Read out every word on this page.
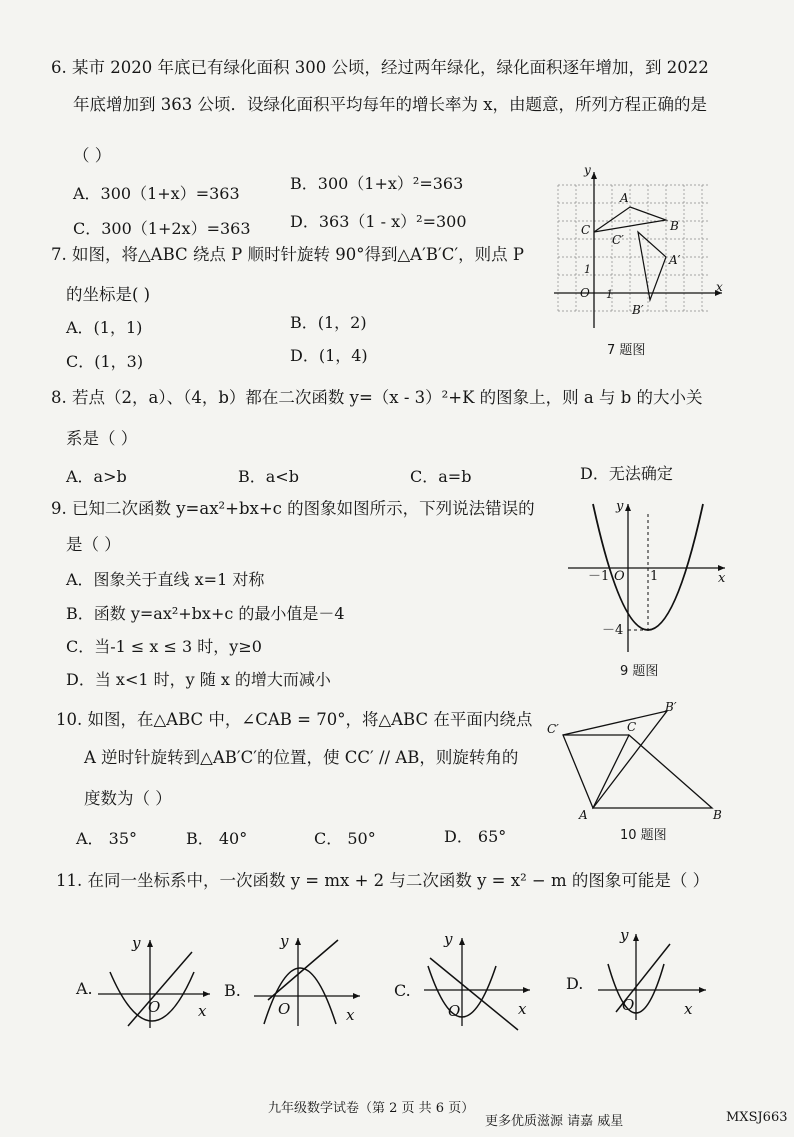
6. 某市 2020 年底已有绿化面积 300 公顷，经过两年绿化，绿化面积逐年增加，到 2022
年底增加到 363 公顷．设绿化面积平均每年的增长率为 x，由题意，所列方程正确的是
（ ）
A．300（1+x）=363
B．300（1+x）²=363
C．300（1+2x）=363 D．363（1 - x）²=300
7. 如图，将△ABC 绕点 P 顺时针旋转 90°得到△A′B′C′，则点 P
的坐标是( )
A．(1，1)	B．(1，2)
C．(1，3)	D．(1，4)
y
x
O 1
1
A
B
C
A′
B′
C′
7 题图
8. 若点（2，a）、（4，b）都在二次函数 y=（x - 3）²+K 的图象上，则 a 与 b 的大小关
系是（ ）
A．a>b	B．a<b	C．a=b	D．无法确定
9. 已知二次函数 y=ax²+bx+c 的图象如图所示，下列说法错误的
是（ ）
A．图象关于直线 x=1 对称
B．函数 y=ax²+bx+c 的最小值是－4
C．当-1 ≤ x ≤ 3 时，y≥0
D．当 x<1 时，y 随 x 的增大而减小
y
x
O
－1	1
－4
9 题图
10. 如图，在△ABC 中，∠CAB = 70°，将△ABC 在平面内绕点
A 逆时针旋转到△AB′C′的位置，使 CC′ // AB，则旋转角的
度数为（ ）
A． 35°	B． 40°	C． 50°	D． 65°
A	B
C
B′
C′
10 题图
11. 在同一坐标系中，一次函数 y = mx + 2 与二次函数 y = x² − m 的图象可能是（ ）
A.
y
x
O
B.
y
x
O
C.
y
x
O
D.
y
x
O
九年级数学试卷（第 2 页 共 6 页）
更多优质滋源 请嘉 威星	MXSJ663
